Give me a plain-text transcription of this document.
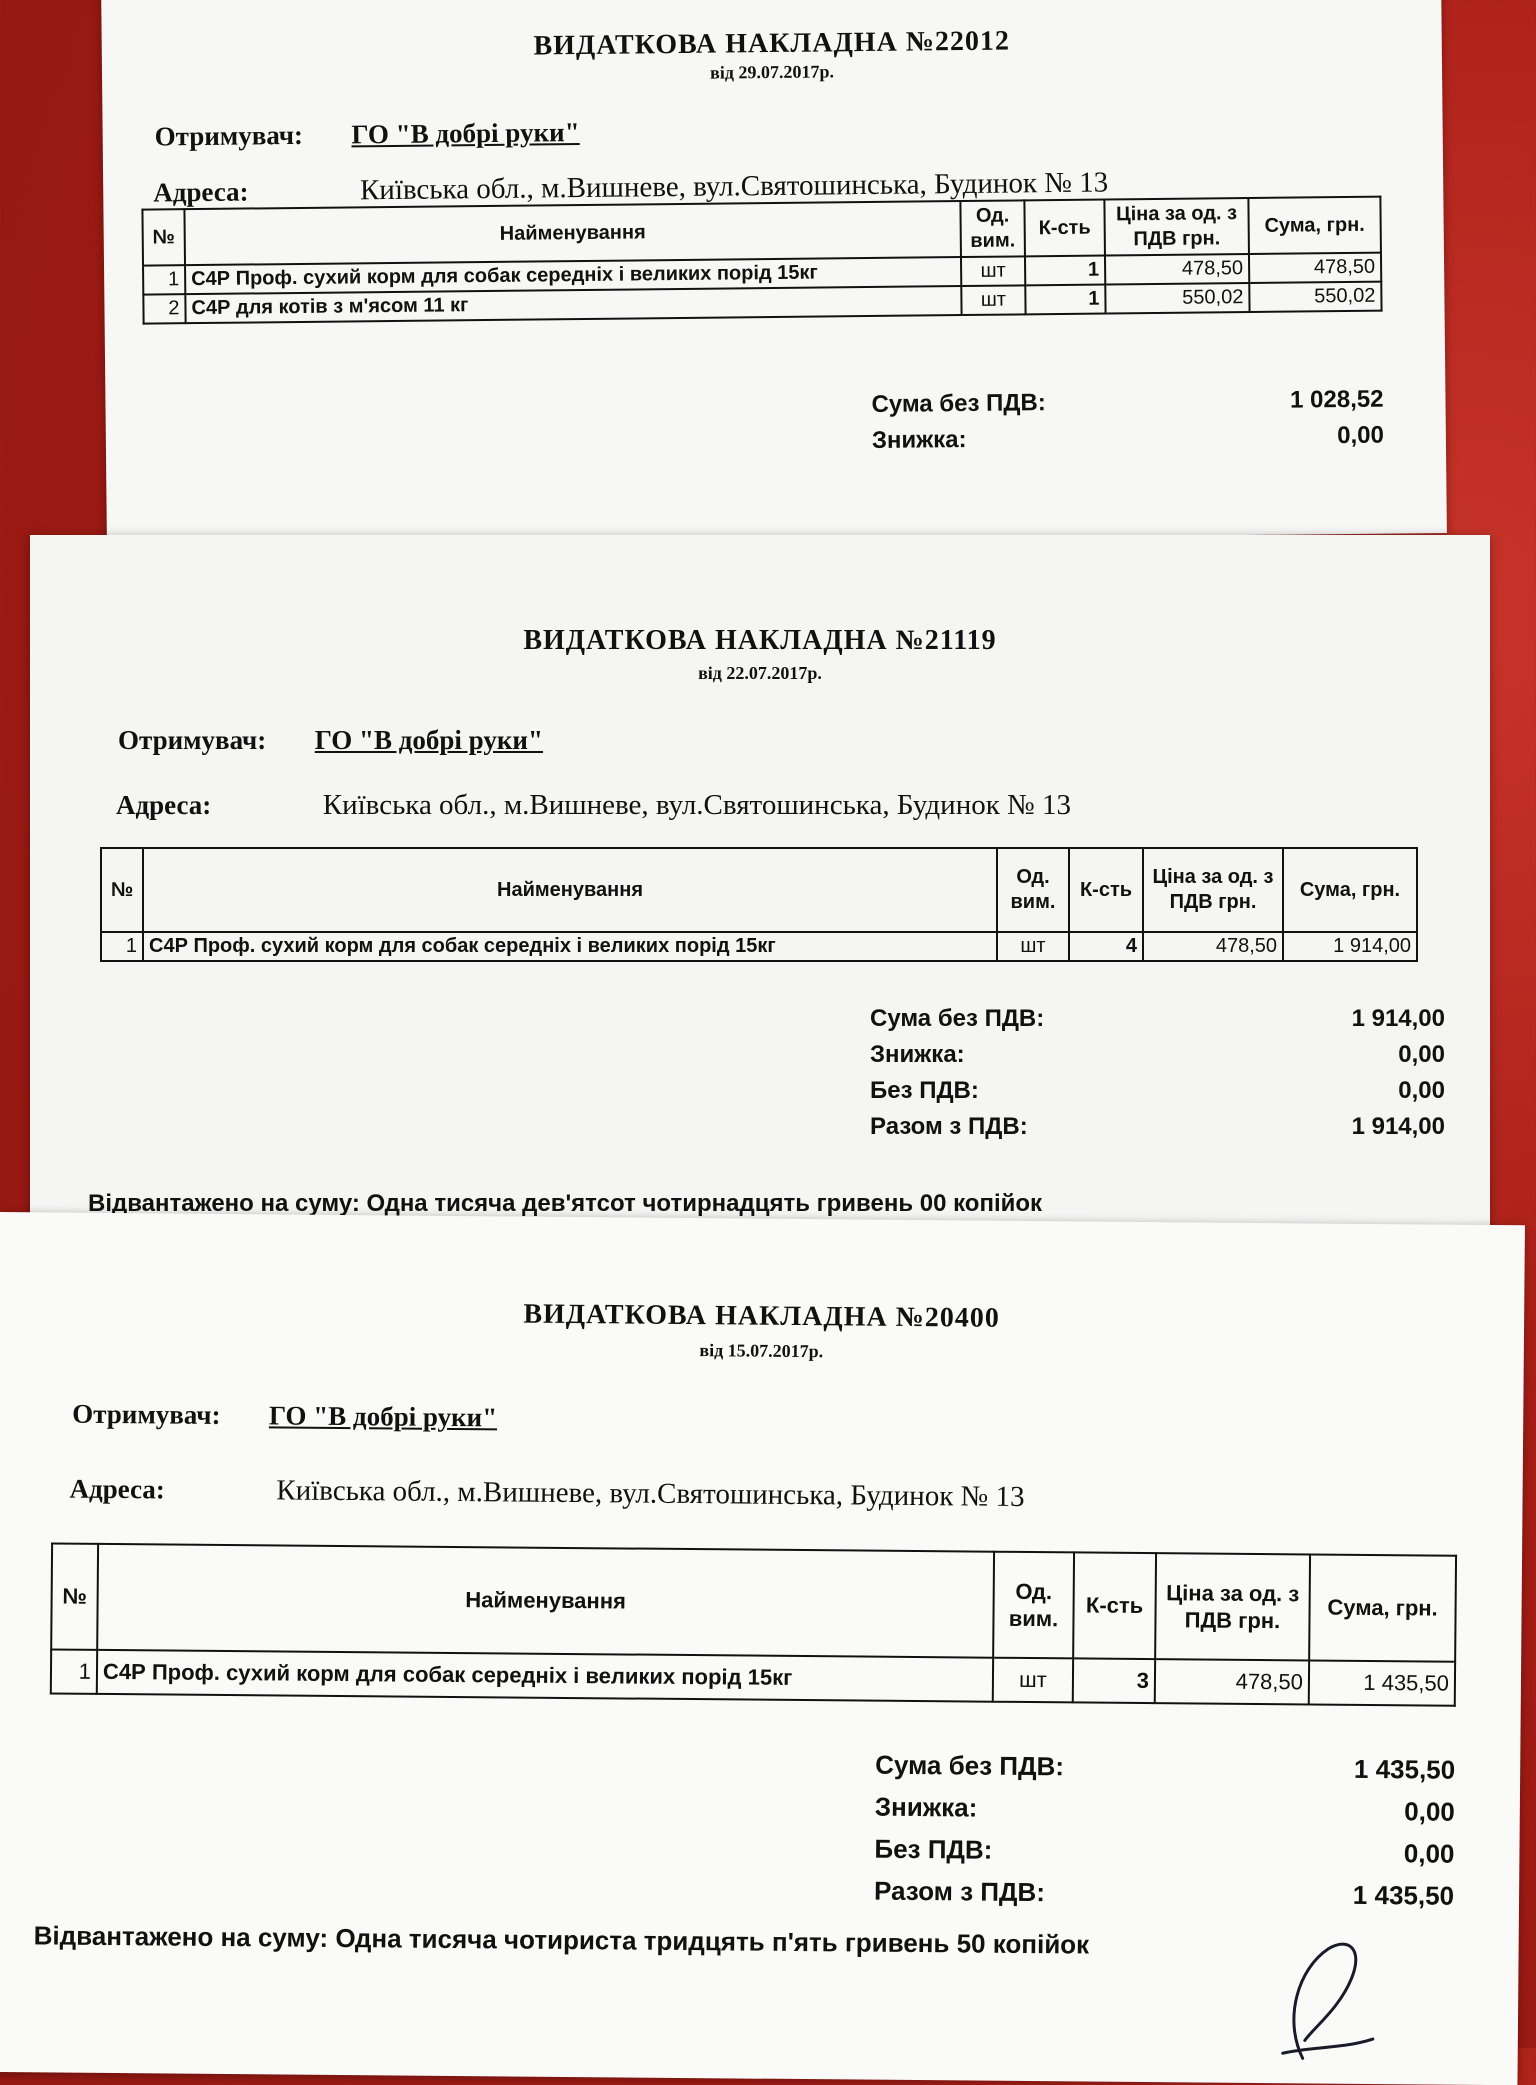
ВИДАТКОВА НАКЛАДНА №22012
від 29.07.2017р.
Отримувач: ГО "В добрі руки"
Адреса:	Київська обл., м.Вишневе, вул.Святошинська, Будинок № 13
№	Найменування	Од. вим.	К-сть	Ціна за од. з ПДВ грн.	Сума, грн.
1	С4Р Проф. сухий корм для собак середніх і великих порід 15кг	шт	1	478,50	478,50
2	С4Р для котів з м'ясом 11 кг	шт	1	550,02	550,02
Сума без ПДВ:	1 028,52
Знижка:	0,00
ВИДАТКОВА НАКЛАДНА №21119
від 22.07.2017р.
Отримувач: ГО "В добрі руки"
Адреса:	Київська обл., м.Вишневе, вул.Святошинська, Будинок № 13
№	Найменування	Од. вим.	К-сть	Ціна за од. з ПДВ грн.	Сума, грн.
1	С4Р Проф. сухий корм для собак середніх і великих порід 15кг	шт	4	478,50	1 914,00
Сума без ПДВ:	1 914,00
Знижка:	0,00
Без ПДВ:	0,00
Разом з ПДВ:	1 914,00
Відвантажено на суму: Одна тисяча дев'ятсот чотирнадцять гривень 00 копійок
ВИДАТКОВА НАКЛАДНА №20400
від 15.07.2017р.
Отримувач: ГО "В добрі руки"
Адреса:	Київська обл., м.Вишневе, вул.Святошинська, Будинок № 13
№	Найменування	Од. вим.	К-сть	Ціна за од. з ПДВ грн.	Сума, грн.
1	С4Р Проф. сухий корм для собак середніх і великих порід 15кг	шт	3	478,50	1 435,50
Сума без ПДВ:	1 435,50
Знижка:	0,00
Без ПДВ:	0,00
Разом з ПДВ:	1 435,50
Відвантажено на суму: Одна тисяча чотириста тридцять п'ять гривень 50 копійок
